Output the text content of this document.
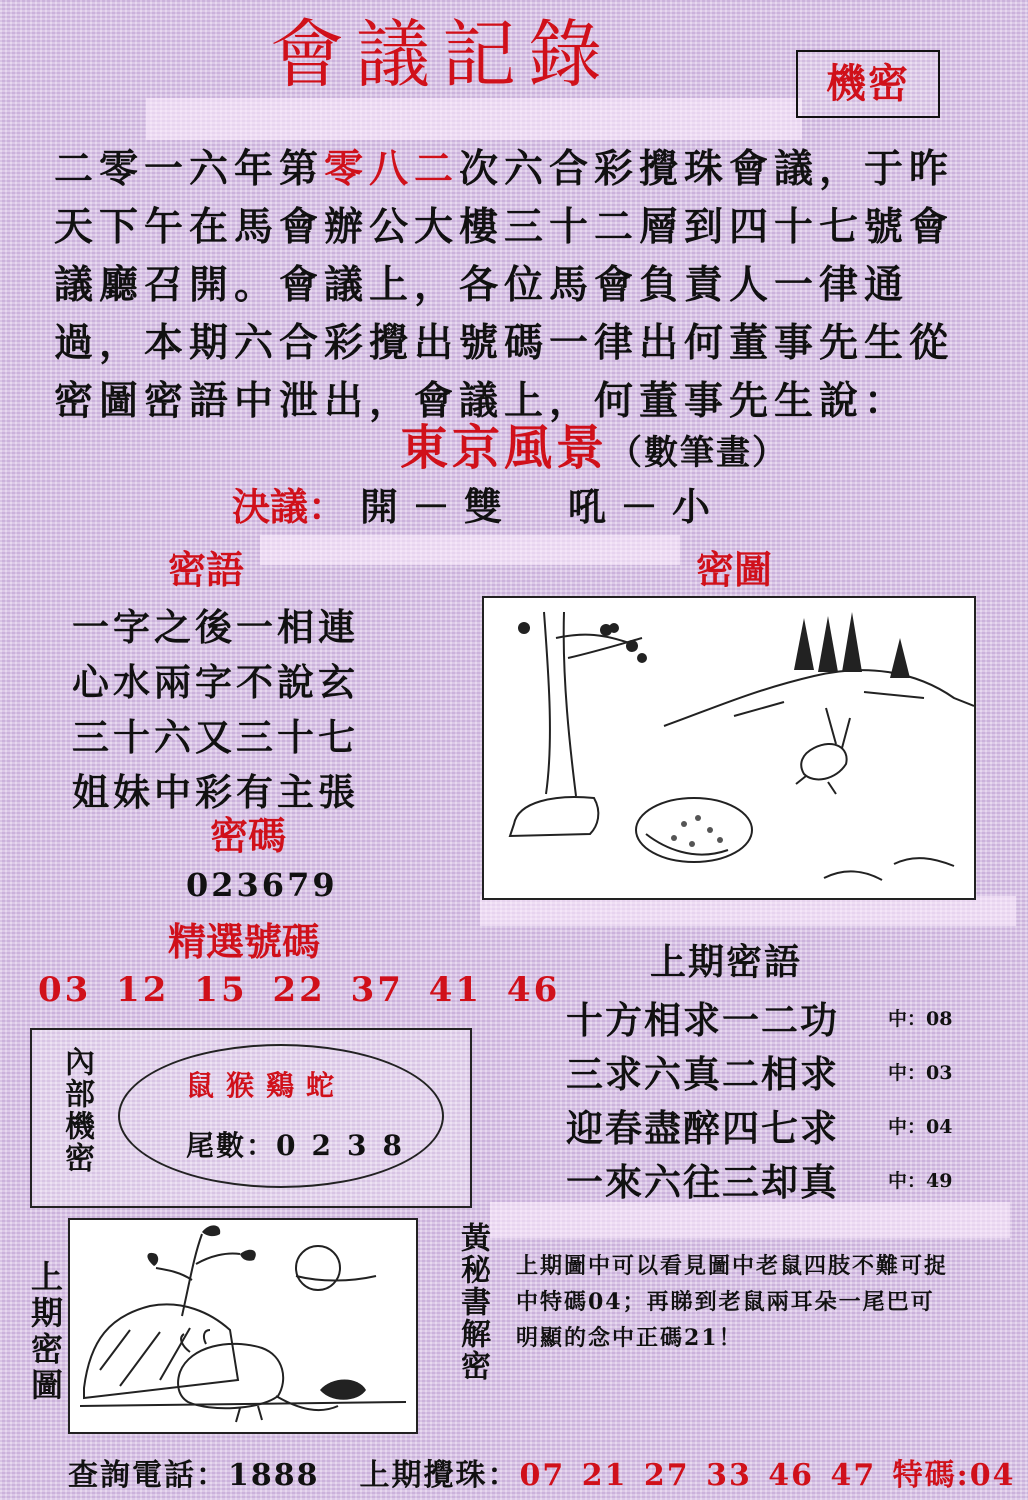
會議記錄	機密
二零一六年第零八二次六合彩攪珠會議，于昨天下午在馬會辦公大樓三十二層到四十七號會議廳召開。會議上，各位馬會負責人一律通過，本期六合彩攪出號碼一律出何董事先生從密圖密語中泄出，會議上，何董事先生說：
東京風景（數筆畫）
決議： 開－雙　吼－小
密語
一字之後一相連
心水兩字不說玄
三十六又三十七
姐妹中彩有主張
密碼
023679
精選號碼
03 12 15 22 37 41 46
密圖
上期密語
十方相求一二功	中：08
三求六真二相求	中：03
迎春盡醉四七求	中：04
一來六往三却真	中：49
內部機密	鼠猴鷄蛇
尾數：0238
上期密圖	黃秘書解密 上期圖中可以看見圖中老鼠四肢不難可捉中特碼04；再睇到老鼠兩耳朵一尾巴可明顯的念中正碼21！
查詢電話：1888 上期攪珠：07 21 27 33 46 47 特碼:04
